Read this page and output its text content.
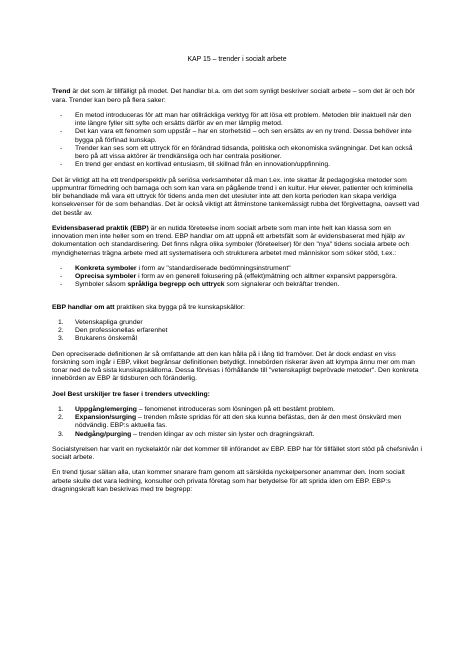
KAP 15 – trender i socialt arbete

Trend är det som är tillfälligt på modet. Det handlar bl.a. om det som synligt beskriver socialt arbete – som det är och bör vara. Trender kan bero på flera saker:

- En metod introduceras för att man har otillräckliga verktyg för att lösa ett problem. Metoden blir inaktuell när den inte längre fyller sitt syfte och ersätts därför av en mer lämplig metod.
- Det kan vara ett fenomen som uppstår – har en storhetstid – och sen ersätts av en ny trend. Dessa behöver inte bygga på förfinad kunskap.
- Trender kan ses som ett uttryck för en förändrad tidsanda, politiska och ekonomiska svängningar. Det kan också bero på att vissa aktörer är trendkänsliga och har centrala positioner.
- En trend ger endast en kortlivad entusiasm, till skillnad från en innovation/uppfinning.

Det är viktigt att ha ett trendperspektiv på seriösa verksamheter då man t.ex. inte skattar åt pedagogiska metoder som uppmuntrar förnedring och barnaga och som kan vara en pågående trend i en kultur. Hur elever, patienter och kriminella blir behandlade må vara ett uttryck för tidens anda men det utesluter inte att den korta perioden kan skapa verkliga konsekvenser för de som behandlas. Det är också viktigt att åtminstone tankemässigt rubba det förgivettagna, oavsett vad det består av.

Evidensbaserad praktik (EBP) är en nutida företeelse inom socialt arbete som man inte helt kan klassa som en innovation men inte heller som en trend. EBP handlar om att uppnå ett arbetsfält som är evidensbaserat med hjälp av dokumentation och standardisering. Det finns några olika symboler (företeelser) för den "nya" tidens sociala arbete och myndigheternas trägna arbete med att systematisera och strukturera arbetet med människor som söker stöd, t.ex.:

- Konkreta symboler i form av "standardiserade bedömningsinstrument"
- Oprecisa symboler i form av en generell fokusering på (effekt)mätning och alltmer expansivt pappersgöra.
- Symboler såsom språkliga begrepp och uttryck som signalerar och bekräftar trenden.

EBP handlar om att praktiken ska bygga på tre kunskapskällor:

1. Vetenskapliga grunder
2. Den professionellas erfarenhet
3. Brukarens önskemål

Den opreciserade definitionen är så omfattande att den kan hålla på i lång tid framöver. Det är dock endast en viss forskning som ingår i EBP, vilket begränsar definitionen betydligt. Innebörden riskerar även att krympa ännu mer om man tonar ned de två sista kunskapskällorna. Dessa förvisas i förhållande till "vetenskapligt beprövade metoder". Den konkreta innebörden av EBP är tidsburen och föränderlig.

Joel Best urskiljer tre faser i trenders utveckling:

1. Uppgång/emerging – fenomenet introduceras som lösningen på ett bestämt problem.
2. Expansion/surging – trenden måste spridas för att den ska kunna befästas, den är den mest önskvärd men nödvändig. EBP:s aktuella fas.
3. Nedgång/purging – trenden klingar av och mister sin lyster och dragningskraft.

Socialstyrelsen har varit en nyckelaktör när det kommer till införandet av EBP. EBP har för tillfället stort stöd på chefsnivån i socialt arbete.

En trend tjusar sällan alla, utan kommer snarare fram genom att särskilda nyckelpersoner anammar den. Inom socialt arbete skulle det vara ledning, konsulter och privata företag som har betydelse för att sprida iden om EBP. EBP:s dragningskraft kan beskrivas med tre begrepp:
